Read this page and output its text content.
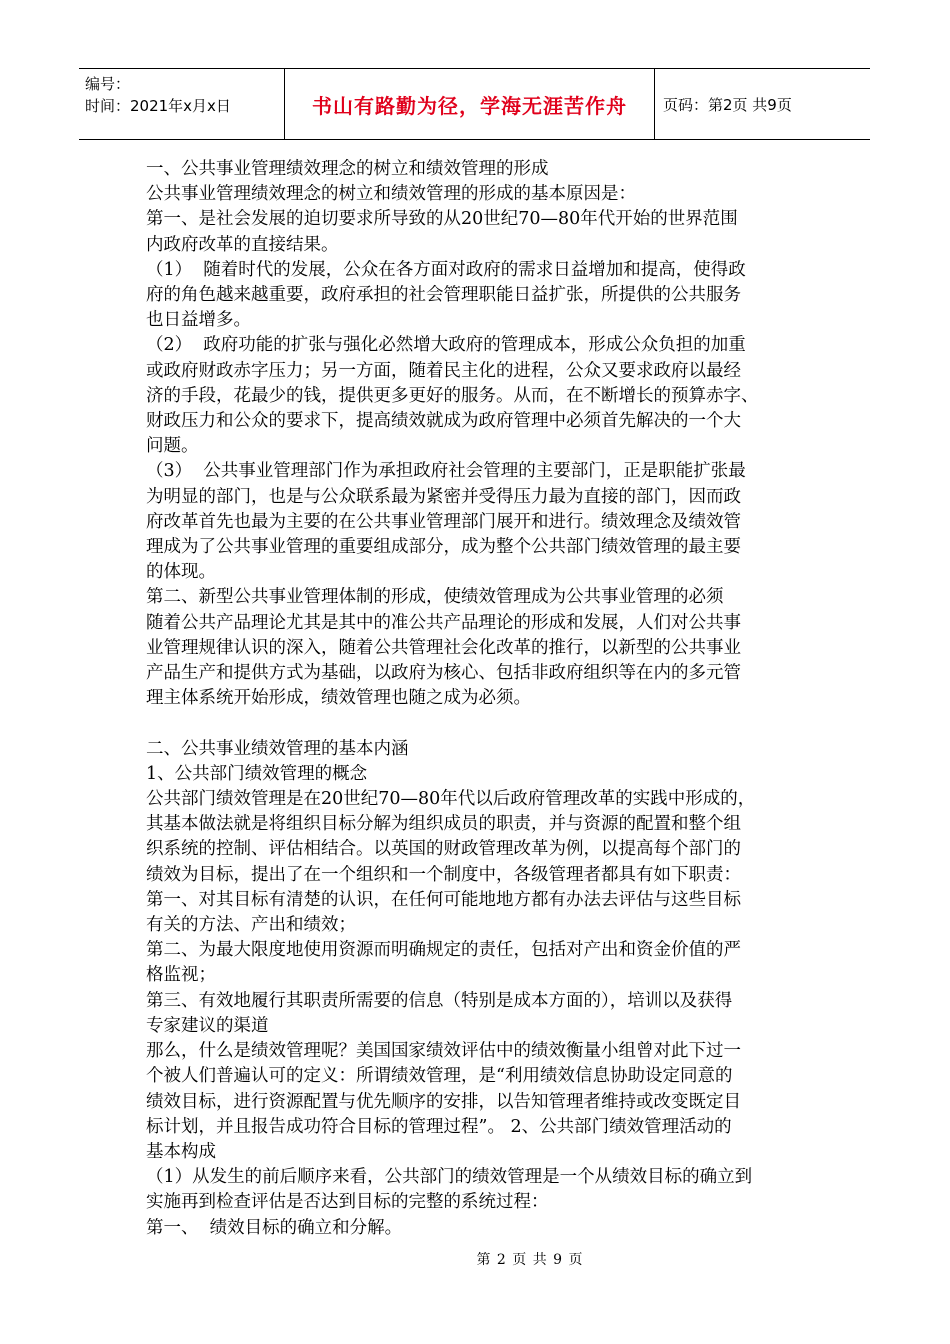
编号：
时间：2021年x月x日	书山有路勤为径，学海无涯苦作舟	页码：第2页 共9页

一、公共事业管理绩效理念的树立和绩效管理的形成

公共事业管理绩效理念的树立和绩效管理的形成的基本原因是：

第一、是社会发展的迫切要求所导致的从20世纪70—80年代开始的世界范围

内政府改革的直接结果。

（1）  随着时代的发展，公众在各方面对政府的需求日益增加和提高，使得政

府的角色越来越重要，政府承担的社会管理职能日益扩张，所提供的公共服务

也日益增多。

（2）  政府功能的扩张与强化必然增大政府的管理成本，形成公众负担的加重

或政府财政赤字压力；另一方面，随着民主化的进程，公众又要求政府以最经

济的手段，花最少的钱，提供更多更好的服务。从而，在不断增长的预算赤字、

财政压力和公众的要求下，提高绩效就成为政府管理中必须首先解决的一个大

问题。

（3）  公共事业管理部门作为承担政府社会管理的主要部门，正是职能扩张最

为明显的部门，也是与公众联系最为紧密并受得压力最为直接的部门，因而政

府改革首先也最为主要的在公共事业管理部门展开和进行。绩效理念及绩效管

理成为了公共事业管理的重要组成部分，成为整个公共部门绩效管理的最主要

的体现。

第二、新型公共事业管理体制的形成，使绩效管理成为公共事业管理的必须

随着公共产品理论尤其是其中的准公共产品理论的形成和发展，人们对公共事

业管理规律认识的深入，随着公共管理社会化改革的推行，以新型的公共事业

产品生产和提供方式为基础，以政府为核心、包括非政府组织等在内的多元管

理主体系统开始形成，绩效管理也随之成为必须。

二、公共事业绩效管理的基本内涵

1、公共部门绩效管理的概念

公共部门绩效管理是在20世纪70—80年代以后政府管理改革的实践中形成的，

其基本做法就是将组织目标分解为组织成员的职责，并与资源的配置和整个组

织系统的控制、评估相结合。以英国的财政管理改革为例，以提高每个部门的

绩效为目标，提出了在一个组织和一个制度中，各级管理者都具有如下职责：

第一、对其目标有清楚的认识，在任何可能地地方都有办法去评估与这些目标

有关的方法、产出和绩效；

第二、为最大限度地使用资源而明确规定的责任，包括对产出和资金价值的严

格监视；

第三、有效地履行其职责所需要的信息（特别是成本方面的），培训以及获得

专家建议的渠道

那么，什么是绩效管理呢？美国国家绩效评估中的绩效衡量小组曾对此下过一

个被人们普遍认可的定义：所谓绩效管理，是“利用绩效信息协助设定同意的

绩效目标，进行资源配置与优先顺序的安排，以告知管理者维持或改变既定目

标计划，并且报告成功符合目标的管理过程”。 2、公共部门绩效管理活动的

基本构成

（1）从发生的前后顺序来看，公共部门的绩效管理是一个从绩效目标的确立到

实施再到检查评估是否达到目标的完整的系统过程：

第一、  绩效目标的确立和分解。

第 2 页 共 9 页
